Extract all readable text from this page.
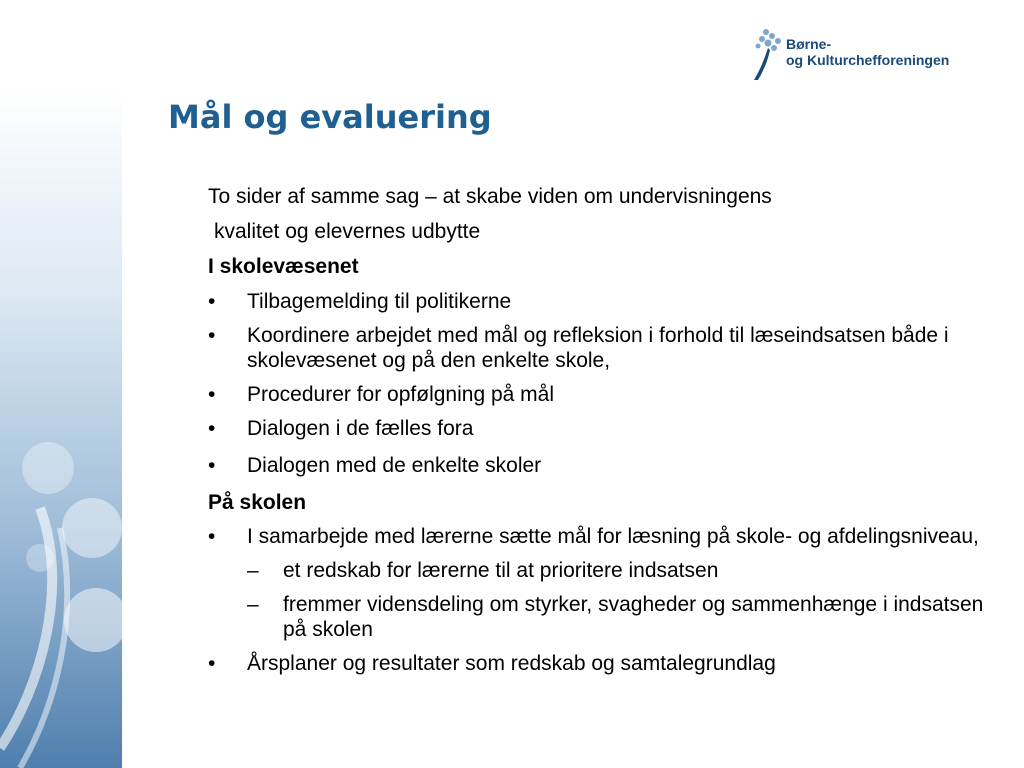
Børne-
og Kulturchefforeningen
Mål og evaluering

To sider af samme sag – at skabe viden om undervisningens

kvalitet og elevernes udbytte

I skolevæsenet

• Tilbagemelding til politikerne
• Koordinere arbejdet med mål og refleksion i forhold til læseindsatsen både i skolevæsenet og på den enkelte skole,
• Procedurer for opfølgning på mål
• Dialogen i de fælles fora
• Dialogen med de enkelte skoler

På skolen

• I samarbejde med lærerne sætte mål for læsning på skole- og afdelingsniveau,
– et redskab for lærerne til at prioritere indsatsen
– fremmer vidensdeling om styrker, svagheder og sammenhænge i indsatsen på skolen
• Årsplaner og resultater som redskab og samtalegrundlag
